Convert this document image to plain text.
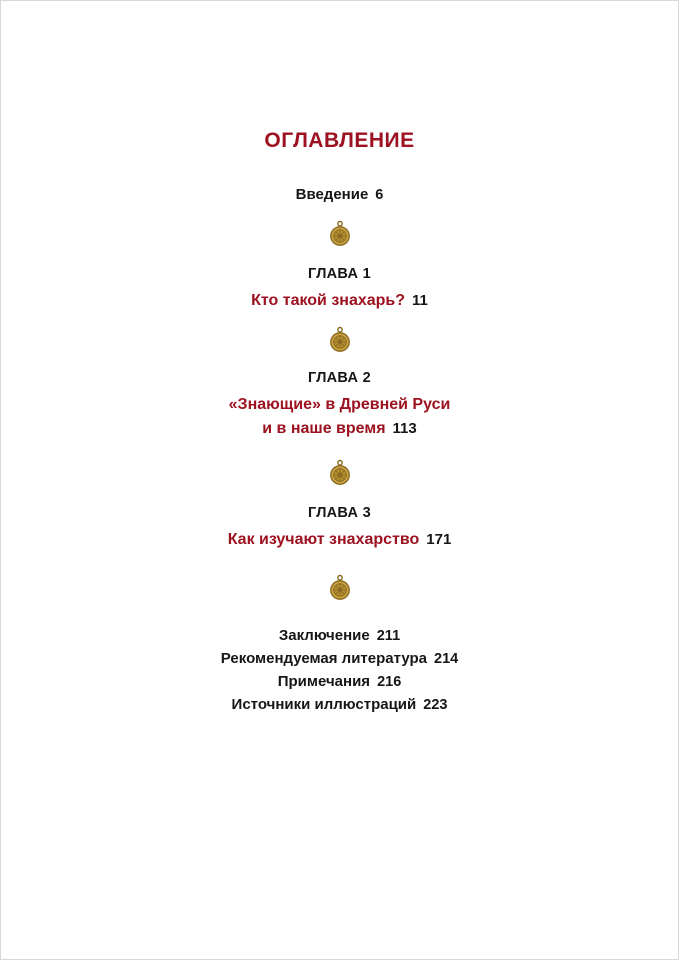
ОГЛАВЛЕНИЕ
Введение 6
ГЛАВА 1
Кто такой знахарь? 11
ГЛАВА 2
«Знающие» в Древней Руси
и в наше время 113
ГЛАВА 3
Как изучают знахарство 171
Заключение 211
Рекомендуемая литература 214
Примечания 216
Источники иллюстраций 223
